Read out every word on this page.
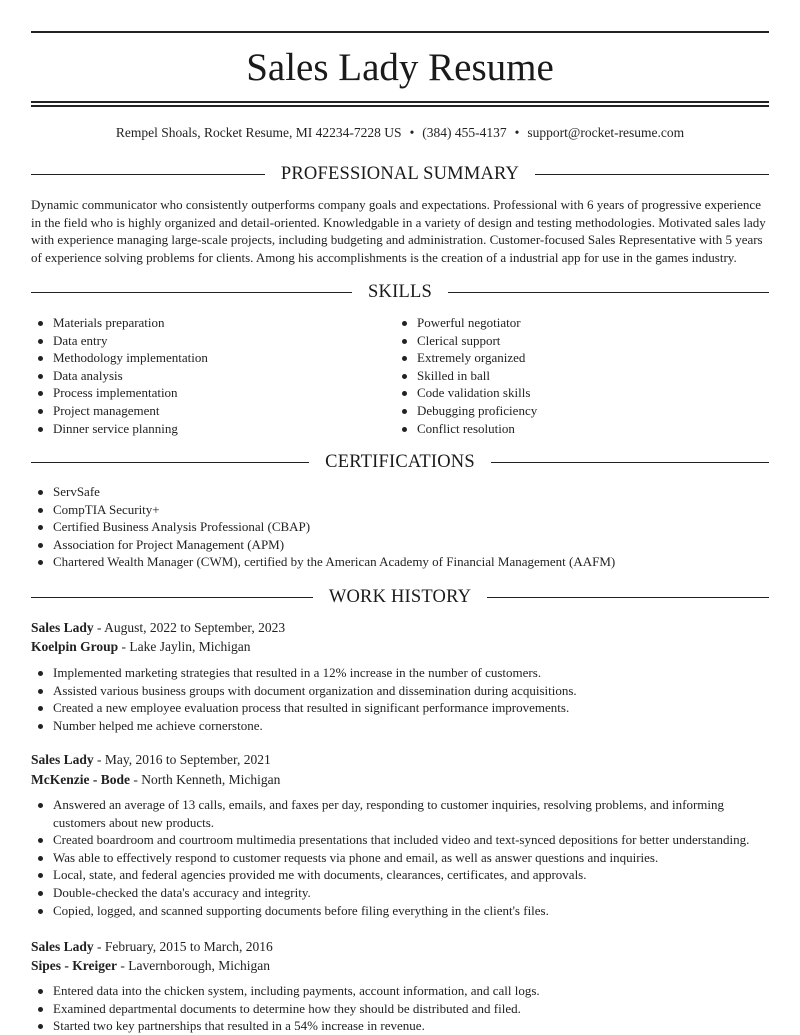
Sales Lady Resume
Rempel Shoals, Rocket Resume, MI 42234-7228 US • (384) 455-4137 • support@rocket-resume.com
PROFESSIONAL SUMMARY

Dynamic communicator who consistently outperforms company goals and expectations. Professional with 6 years of progressive experience in the field who is highly organized and detail-oriented. Knowledgable in a variety of design and testing methodologies. Motivated sales lady with experience managing large-scale projects, including budgeting and administration. Customer-focused Sales Representative with 5 years of experience solving problems for clients. Among his accomplishments is the creation of a industrial app for use in the games industry.

SKILLS
Materials preparation
Data entry
Methodology implementation
Data analysis
Process implementation
Project management
Dinner service planning
Powerful negotiator
Clerical support
Extremely organized
Skilled in ball
Code validation skills
Debugging proficiency
Conflict resolution
CERTIFICATIONS
ServSafe
CompTIA Security+
Certified Business Analysis Professional (CBAP)
Association for Project Management (APM)
Chartered Wealth Manager (CWM), certified by the American Academy of Financial Management (AAFM)
WORK HISTORY
Sales Lady - August, 2022 to September, 2023
Koelpin Group - Lake Jaylin, Michigan
Implemented marketing strategies that resulted in a 12% increase in the number of customers.
Assisted various business groups with document organization and dissemination during acquisitions.
Created a new employee evaluation process that resulted in significant performance improvements.
Number helped me achieve cornerstone.
Sales Lady - May, 2016 to September, 2021
McKenzie - Bode - North Kenneth, Michigan
Answered an average of 13 calls, emails, and faxes per day, responding to customer inquiries, resolving problems, and informing customers about new products.
Created boardroom and courtroom multimedia presentations that included video and text-synced depositions for better understanding.
Was able to effectively respond to customer requests via phone and email, as well as answer questions and inquiries.
Local, state, and federal agencies provided me with documents, clearances, certificates, and approvals.
Double-checked the data's accuracy and integrity.
Copied, logged, and scanned supporting documents before filing everything in the client's files.
Sales Lady - February, 2015 to March, 2016
Sipes - Kreiger - Lavernborough, Michigan
Entered data into the chicken system, including payments, account information, and call logs.
Examined departmental documents to determine how they should be distributed and filed.
Started two key partnerships that resulted in a 54% increase in revenue.
